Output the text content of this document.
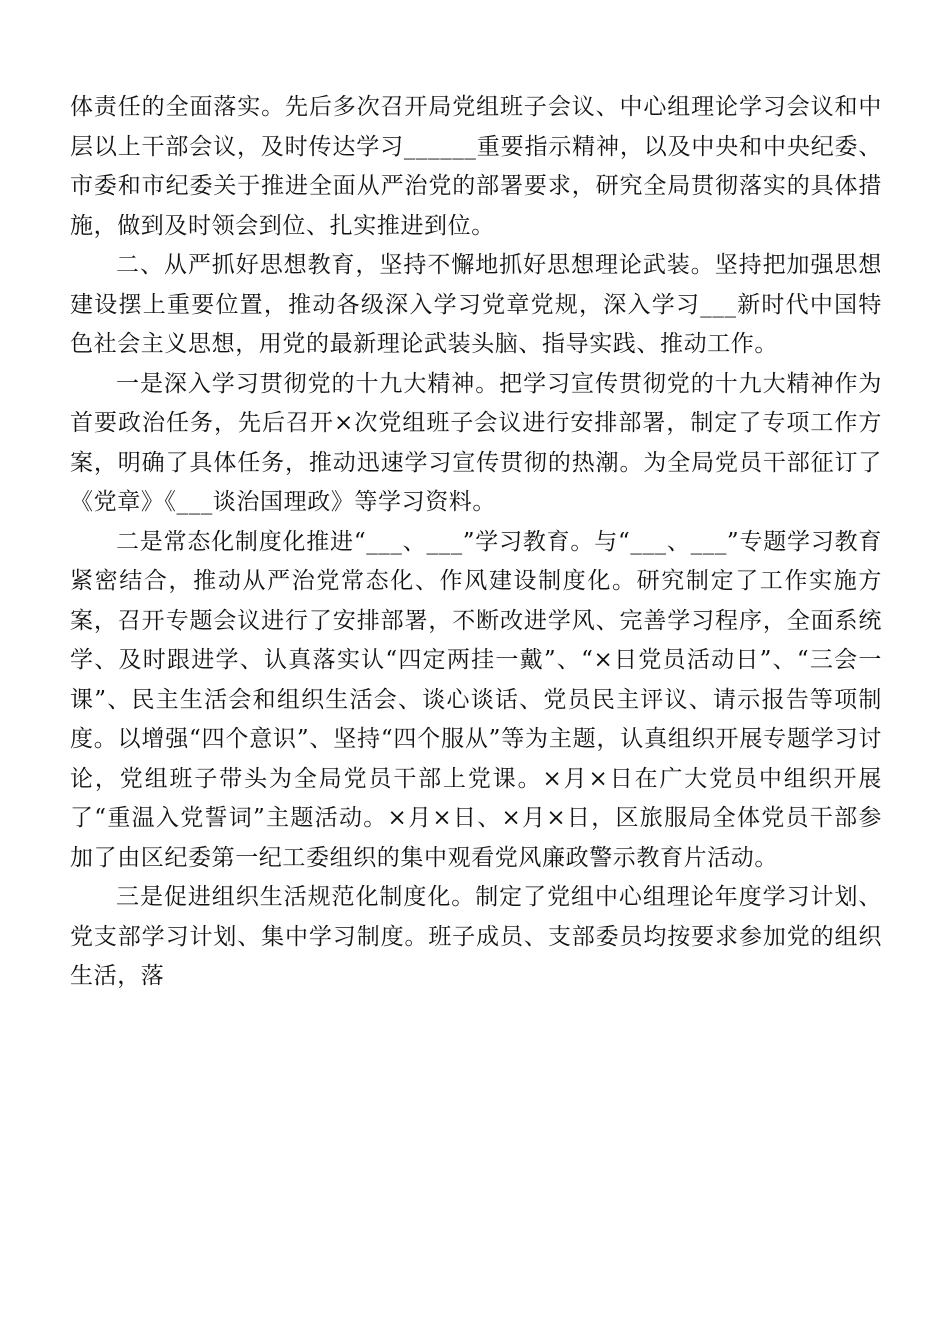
体责任的全面落实。先后多次召开局党组班子会议、中心组理论学习会议和中层以上干部会议，及时传达学习______重要指示精神，以及中央和中央纪委、市委和市纪委关于推进全面从严治党的部署要求，研究全局贯彻落实的具体措施，做到及时领会到位、扎实推进到位。

二、从严抓好思想教育，坚持不懈地抓好思想理论武装。坚持把加强思想建设摆上重要位置，推动各级深入学习党章党规，深入学习___新时代中国特色社会主义思想，用党的最新理论武装头脑、指导实践、推动工作。

一是深入学习贯彻党的十九大精神。把学习宣传贯彻党的十九大精神作为首要政治任务，先后召开×次党组班子会议进行安排部署，制定了专项工作方案，明确了具体任务，推动迅速学习宣传贯彻的热潮。为全局党员干部征订了《党章》《___谈治国理政》等学习资料。

二是常态化制度化推进“___、___”学习教育。与“___、___”专题学习教育紧密结合，推动从严治党常态化、作风建设制度化。研究制定了工作实施方案，召开专题会议进行了安排部署，不断改进学风、完善学习程序，全面系统学、及时跟进学、认真落实认“四定两挂一戴”、“×日党员活动日”、“三会一课”、民主生活会和组织生活会、谈心谈话、党员民主评议、请示报告等项制度。以增强“四个意识”、坚持“四个服从”等为主题，认真组织开展专题学习讨论，党组班子带头为全局党员干部上党课。×月×日在广大党员中组织开展了“重温入党誓词”主题活动。×月×日、×月×日，区旅服局全体党员干部参加了由区纪委第一纪工委组织的集中观看党风廉政警示教育片活动。

三是促进组织生活规范化制度化。制定了党组中心组理论年度学习计划、党支部学习计划、集中学习制度。班子成员、支部委员均按要求参加党的组织生活，落
